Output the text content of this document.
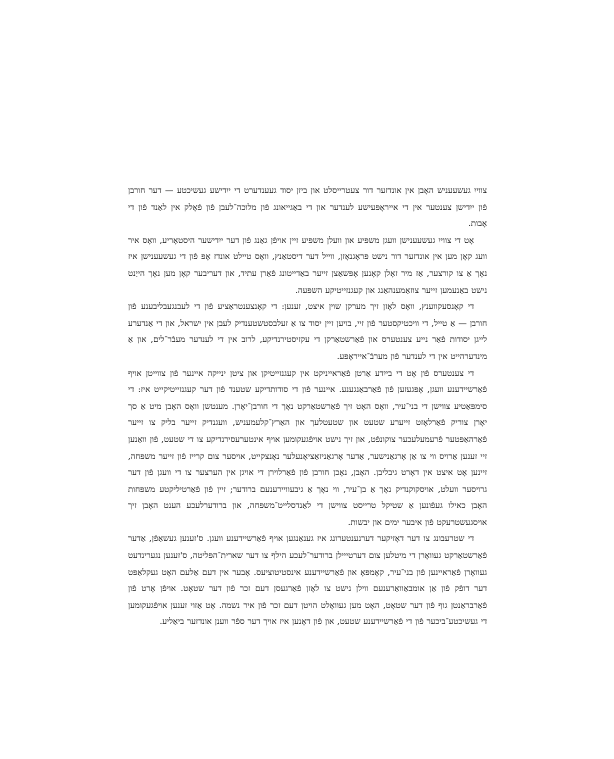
צווייִ געשעעניש האָבן אין אונדזער דור צעטרייסלט און ביזן יסוד געענדערט די ייִדישע געשיכטע — דער חורבן פֿון ייִדישן צענטער אין די אייראָפּעישע לענדער און די באַגייאונג פֿון מלוכה־לעבן פֿון פֿאָלק אין לאַנד פֿון די אָבות.

אָט די צווייִ געשעענישן וועגן משפּיע און וועלן משפּיע זיין אויפֿן גאַנג פֿון דער ייִדישער היסטאָריע, וואָס איר וועג קאָן מען אין אונדזער דור נישט פּראָגנאָזן, ווייל דער דיסטאַנץ, וואָס טיילט אונדז אָפּ פֿון די געשעענישן איז נאָך אַ צו קורצער, אַז מיר זאָלן קאָנען אָפּשאַצן זייער באַדייטונג פֿאַרן עתיד, און דעריבער קאָן מען נאָך הייַנט נישט באַנעמען זייער צוזאַמענהאַנג און קעגנזייטיקע השפּעה.

די קאָנסעקווענץ, וואָס לאָזן זיך מערקן שוין איצט, זענען: די קאָנצענטראַציע פֿון די לעבנגעבליבענע פֿון חורבן — אַ טייל, די וויכטיקסטער פֿון זיי, בויען זיין יסוד צו אַ זעלבסטשטענדיק לעבן אין ישראל, און די אַנדערע לייגן יסודות פֿאַר נייע צענטערס און פֿאַרשטאַרקן די עקזיסטירנדיקע, לרוב אין די לענדער מעבֿר־לים, און אַ מינדערהייט אין די לענדער פֿון מערבֿ־אייראָפּע.

די צענטערס פֿון אָט די בייִדע אַרטן פֿאַראייניקט אין קעגנזייטיקן און ציטן ינייקה איינער פֿון צווייטן אויף פֿאַרשיידענע וועגן, אָפּגעזען פֿון פֿאַרבאַנגענע. איינער פֿון די סודותדיקע שטענד פֿון דער קעגנזייטיקייט איז: די סימפּאַטיע צווישן די בני־עיר, וואָס האָט זיך פֿאַרשטאַרקט נאָך די חורבן־יאָרן. מענטשן וואָס האָבן מיט אַ סך יאָרן צוריק פֿאַרלאָזט זייערע שטעט און שטעטלעך און האַרץ־קלעמעניש, וועגנדיק זייער בליק צו זייער פֿאַרהאַפּטער פֿרעמעלעכער צוקונפֿט, און זיך נישט אויפֿגעקומען אויף אינטערעסירנדיקע צו די שטעט, פֿון וואַנען זיי זענען אַרויס ווי צו אַן אָרגאַנישער, אַדער אָרגאַניזאַציאָנעלער נאָנצקייט, אויסער צום קרייז פֿון זייער משפּחה, זיינען אָט איצט אין דאָרט גיבליבן. האָבן, נאָכן חורבן פֿון פֿאַרלוירן די אויגן אין הערצער צו די וועגן פֿון דער גרויסער וועלט, אויסקוקנדיק נאָך אַ בן־עיר, ווי נאָך אַ גיבעוויירענעם ברודער; זיין פֿון פֿאַרטיליקטע משפּחות האָבן כאילו געפֿונען אַ שטיקל טרייסט צווישן די לאַנדסלייט־משפּחה, און ברודערלעכע הענט האָבן זיך אויסגעשטרעקט פֿון איבער ימים און יבשות.

די שטרעבונג צו דער דאָזיקער דערנענטערונג איז גענאַנגען אויף פֿאַרשיידענע וועגן. ס'זענען געשאַפֿן, אַדער פֿאַרשטאַרקט געוואָרן די מיטלען צום דערטייילן ברודער־לעכע הילף צו דער שארית־הפּליטה, ס'זענען נגערינדעט געוואָרן פֿאַראיינען פֿון בני־עיר, קאָמפּאָ און פֿאַרשיידענע אינסטיטוציעס. אָבער אין דעם אַלעם האָט געקלאַפּט דער דופֿק פֿון אַן אומבאַוואַרענעם ווילן נישט צו לאָזן פֿאַרגעסן דעם זכר פֿון דער שטאָט. אויפֿן אָרט פֿון פֿאַרבראַנטן גוף פֿון דער שטאָט, האָט מען געוואָלט הויטן דעם זכר פֿון איר נשמה. אָט אַזוי זענען אויפֿגעקומען די געשיכטע־ביכער פֿון די פֿאַרשיידענע שטעט, און פֿון דאָנען איז אויך דער ספֿר ווענן אונדזער ביאַליע.
